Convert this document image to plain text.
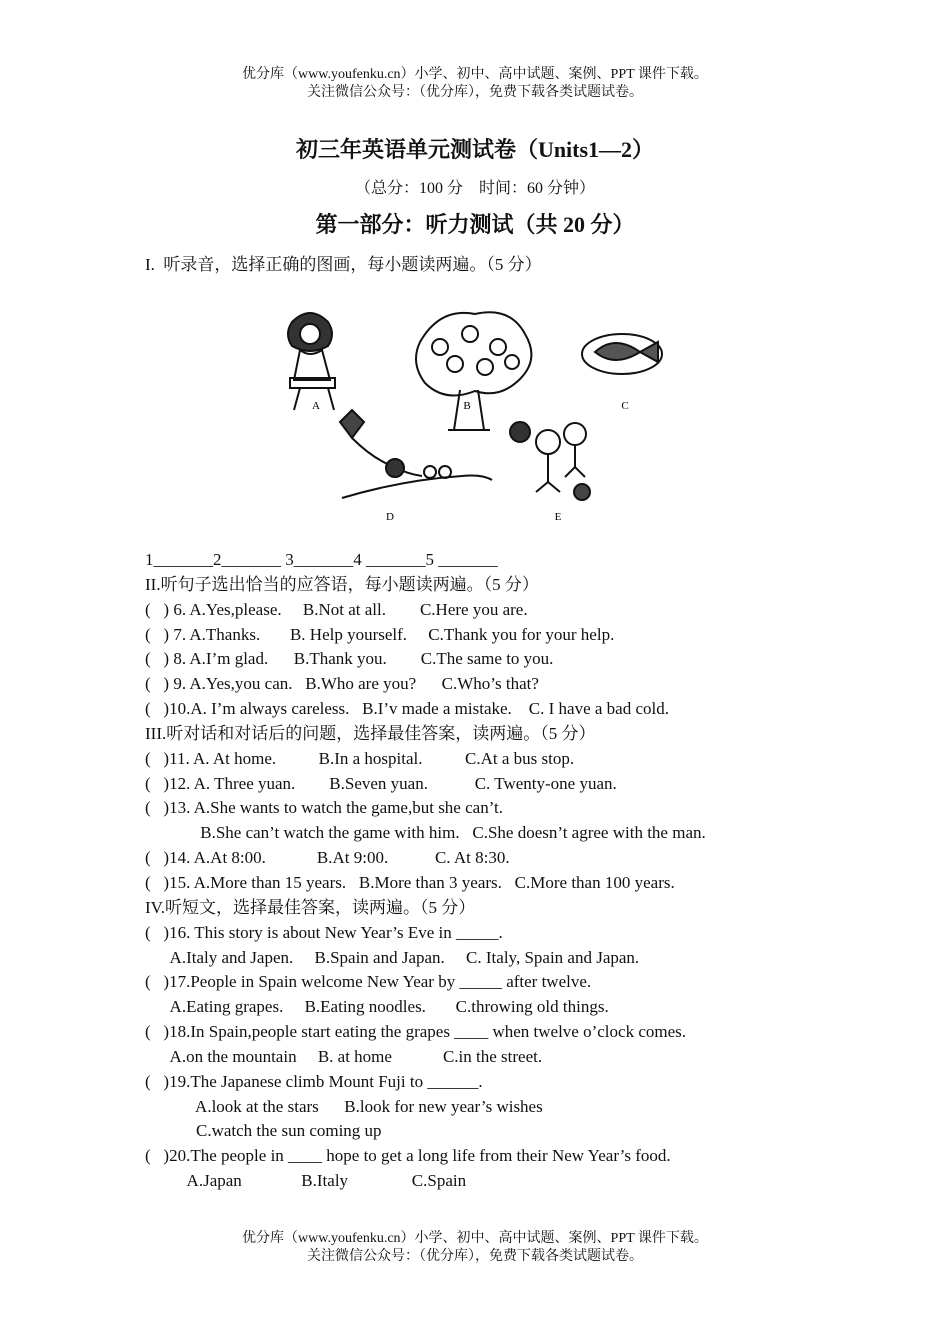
优分库（www.youfenku.cn）小学、初中、高中试题、案例、PPT 课件下载。
关注微信公众号：（优分库），免费下载各类试题试卷。
初三年英语单元测试卷（Units1—2）
（总分：100 分    时间：60 分钟）
第一部分：听力测试（共 20 分）
I.  听录音，选择正确的图画，每小题读两遍。（5 分）
A	B	C
D	E
1_______2_______ 3_______4 _______5 _______
II.听句子选出恰当的应答语，每小题读两遍。（5 分）
(   ) 6. A.Yes,please.     B.Not at all.        C.Here you are.
(   ) 7. A.Thanks.       B. Help yourself.     C.Thank you for your help.
(   ) 8. A.I’m glad.      B.Thank you.        C.The same to you.
(   ) 9. A.Yes,you can.   B.Who are you?      C.Who’s that?
(   )10.A. I’m always careless.   B.I’v made a mistake.    C. I have a bad cold.
III.听对话和对话后的问题，选择最佳答案，读两遍。（5 分）
(   )11. A. At home.          B.In a hospital.          C.At a bus stop.
(   )12. A. Three yuan.        B.Seven yuan.           C. Twenty-one yuan.
(   )13. A.She wants to watch the game,but she can’t.
B.She can’t watch the game with him.   C.She doesn’t agree with the man.
(   )14. A.At 8:00.            B.At 9:00.           C. At 8:30.
(   )15. A.More than 15 years.   B.More than 3 years.   C.More than 100 years.
IV.听短文，选择最佳答案，读两遍。（5 分）
(   )16. This story is about New Year’s Eve in _____.
A.Italy and Japen.     B.Spain and Japan.     C. Italy, Spain and Japan.
(   )17.People in Spain welcome New Year by _____ after twelve.
A.Eating grapes.     B.Eating noodles.       C.throwing old things.
(   )18.In Spain,people start eating the grapes ____ when twelve o’clock comes.
A.on the mountain     B. at home            C.in the street.
(   )19.The Japanese climb Mount Fuji to ______.
A.look at the stars      B.look for new year’s wishes
C.watch the sun coming up
(   )20.The people in ____ hope to get a long life from their New Year’s food.
A.Japan              B.Italy               C.Spain
优分库（www.youfenku.cn）小学、初中、高中试题、案例、PPT 课件下载。
关注微信公众号：（优分库），免费下载各类试题试卷。
